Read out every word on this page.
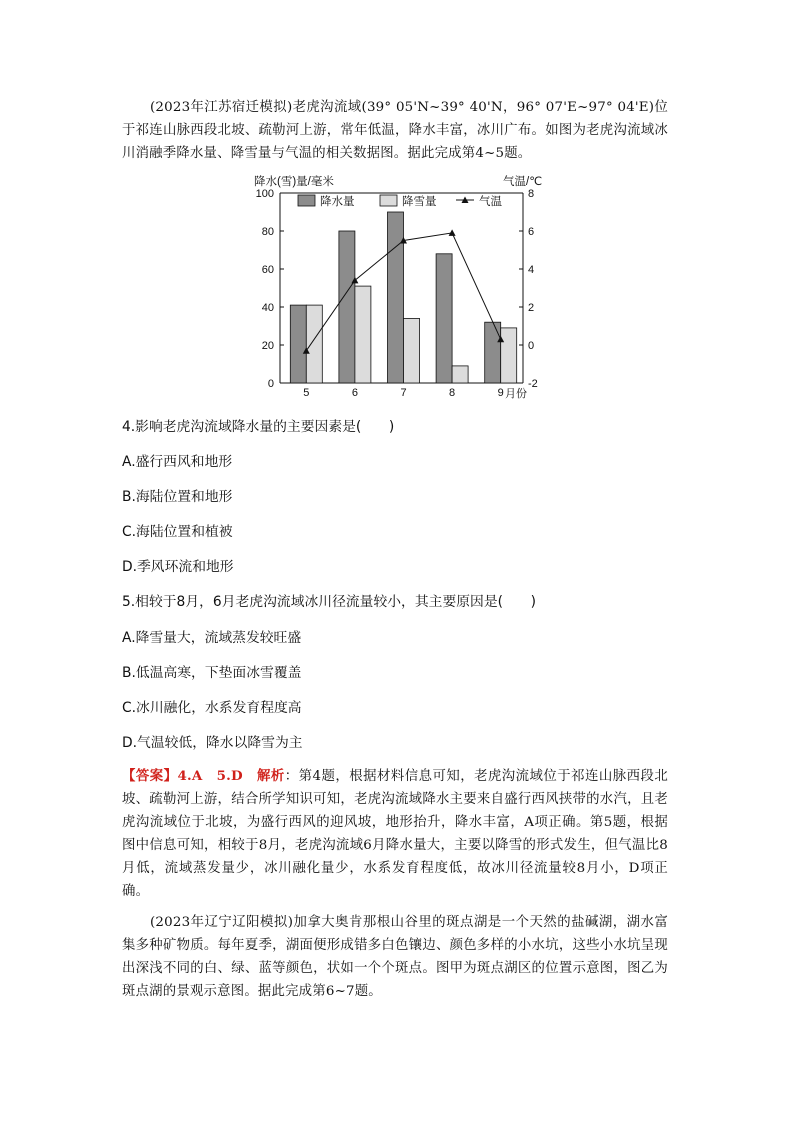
(2023年江苏宿迁模拟)老虎沟流域(39° 05'N~39° 40'N，96° 07'E~97° 04'E)位于祁连山脉西段北坡、疏勒河上游，常年低温，降水丰富，冰川广布。如图为老虎沟流域冰川消融季降水量、降雪量与气温的相关数据图。据此完成第4~5题。
降水(雪)量/毫米	气温/℃
月份
降水量	降雪量	气温
0
20
40
60
80
100
-2
0
2
4
6
8
5	6	7	8	9
4.影响老虎沟流域降水量的主要因素是(　　)
A.盛行西风和地形
B.海陆位置和地形
C.海陆位置和植被
D.季风环流和地形
5.相较于8月，6月老虎沟流域冰川径流量较小，其主要原因是(　　)
A.降雪量大，流域蒸发较旺盛
B.低温高寒，下垫面冰雪覆盖
C.冰川融化，水系发育程度高
D.气温较低，降水以降雪为主
【答案】4.A　5.D　 解析：第4题，根据材料信息可知，老虎沟流域位于祁连山脉西段北坡、疏勒河上游，结合所学知识可知，老虎沟流域降水主要来自盛行西风挟带的水汽，且老虎沟流域位于北坡，为盛行西风的迎风坡，地形抬升，降水丰富，A项正确。第5题，根据图中信息可知，相较于8月，老虎沟流域6月降水量大，主要以降雪的形式发生，但气温比8月低，流域蒸发量少，冰川融化量少，水系发育程度低，故冰川径流量较8月小，D项正确。
(2023年辽宁辽阳模拟)加拿大奥肯那根山谷里的斑点湖是一个天然的盐碱湖，湖水富集多种矿物质。每年夏季，湖面便形成错多白色镶边、颜色多样的小水坑，这些小水坑呈现出深浅不同的白、绿、蓝等颜色，状如一个个斑点。图甲为斑点湖区的位置示意图，图乙为斑点湖的景观示意图。据此完成第6~7题。
